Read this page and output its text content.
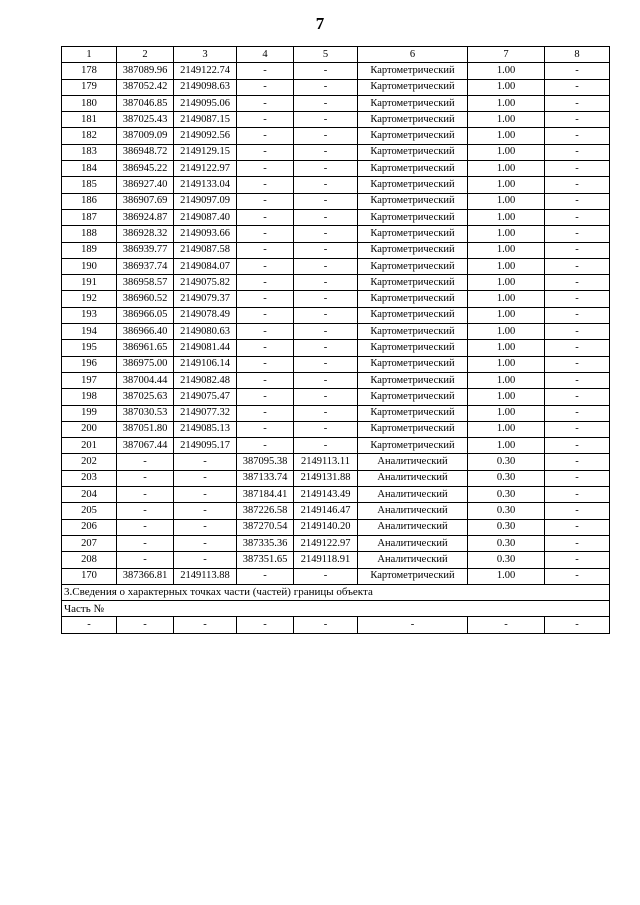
7
1	2	3	4	5	6	7	8
178	387089.96	2149122.74	-	-	Картометрический	1.00	-
179	387052.42	2149098.63	-	-	Картометрический	1.00	-
180	387046.85	2149095.06	-	-	Картометрический	1.00	-
181	387025.43	2149087.15	-	-	Картометрический	1.00	-
182	387009.09	2149092.56	-	-	Картометрический	1.00	-
183	386948.72	2149129.15	-	-	Картометрический	1.00	-
184	386945.22	2149122.97	-	-	Картометрический	1.00	-
185	386927.40	2149133.04	-	-	Картометрический	1.00	-
186	386907.69	2149097.09	-	-	Картометрический	1.00	-
187	386924.87	2149087.40	-	-	Картометрический	1.00	-
188	386928.32	2149093.66	-	-	Картометрический	1.00	-
189	386939.77	2149087.58	-	-	Картометрический	1.00	-
190	386937.74	2149084.07	-	-	Картометрический	1.00	-
191	386958.57	2149075.82	-	-	Картометрический	1.00	-
192	386960.52	2149079.37	-	-	Картометрический	1.00	-
193	386966.05	2149078.49	-	-	Картометрический	1.00	-
194	386966.40	2149080.63	-	-	Картометрический	1.00	-
195	386961.65	2149081.44	-	-	Картометрический	1.00	-
196	386975.00	2149106.14	-	-	Картометрический	1.00	-
197	387004.44	2149082.48	-	-	Картометрический	1.00	-
198	387025.63	2149075.47	-	-	Картометрический	1.00	-
199	387030.53	2149077.32	-	-	Картометрический	1.00	-
200	387051.80	2149085.13	-	-	Картометрический	1.00	-
201	387067.44	2149095.17	-	-	Картометрический	1.00	-
202	-	-	387095.38	2149113.11	Аналитический	0.30	-
203	-	-	387133.74	2149131.88	Аналитический	0.30	-
204	-	-	387184.41	2149143.49	Аналитический	0.30	-
205	-	-	387226.58	2149146.47	Аналитический	0.30	-
206	-	-	387270.54	2149140.20	Аналитический	0.30	-
207	-	-	387335.36	2149122.97	Аналитический	0.30	-
208	-	-	387351.65	2149118.91	Аналитический	0.30	-
170	387366.81	2149113.88	-	-	Картометрический	1.00	-
3.Сведения о характерных точках части (частей) границы объекта							
Часть №							
-	-	-	-	-	-	-	-
